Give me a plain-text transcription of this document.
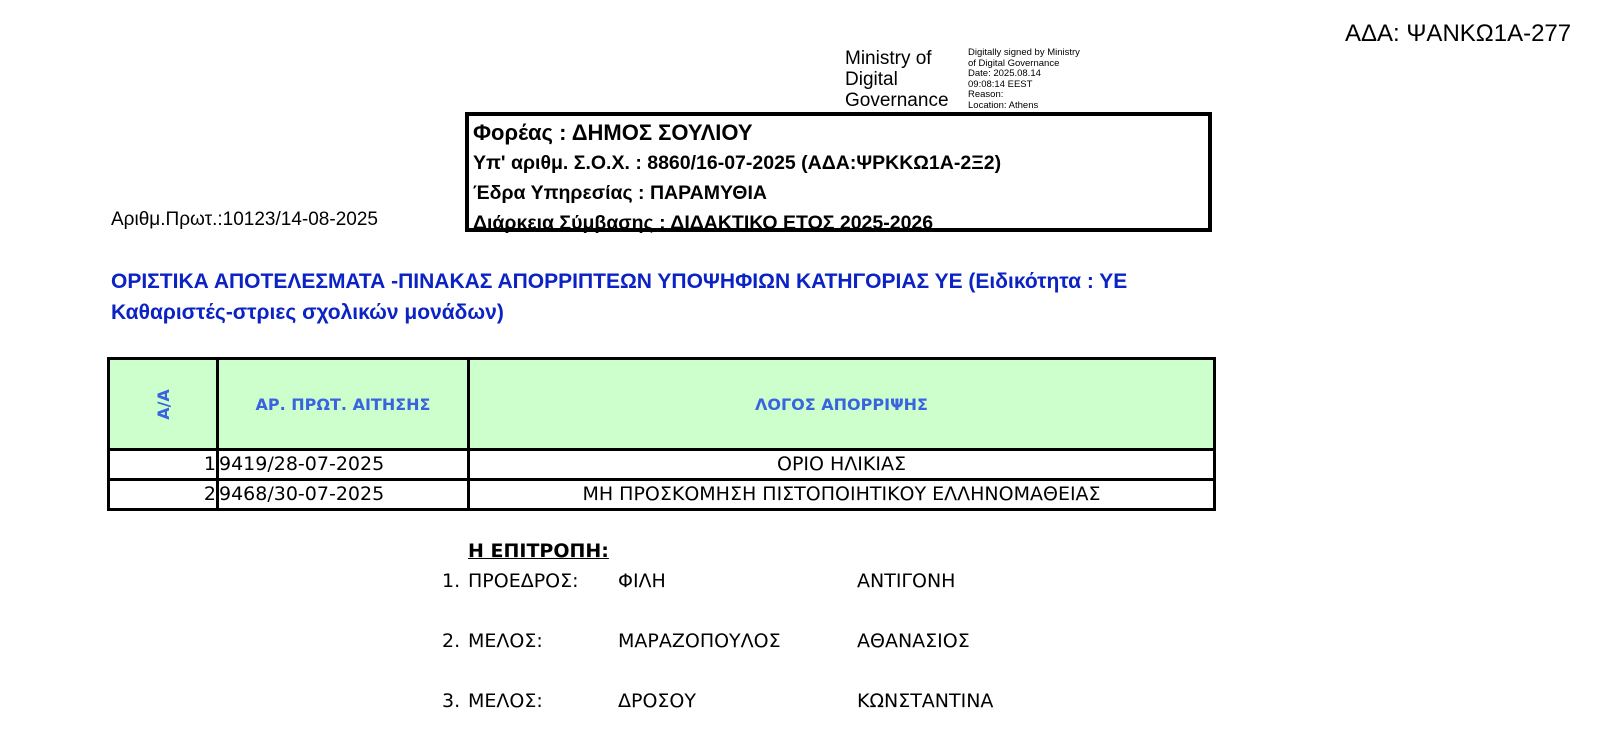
ΑΔΑ: ΨΑΝΚΩ1Α-277
Ministry of
Digital
Governance
Digitally signed by Ministry
of Digital Governance
Date: 2025.08.14
09:08:14 EEST
Reason:
Location: Athens
Αριθμ.Πρωτ.:10123/14-08-2025
Φορέας : ΔΗΜΟΣ ΣΟΥΛΙΟΥ
Υπ' αριθμ. Σ.Ο.Χ. : 8860/16-07-2025 (ΑΔΑ:ΨΡΚΚΩ1Α-2Ξ2)
Έδρα Υπηρεσίας : ΠΑΡΑΜΥΘΙΑ
Διάρκεια Σύμβασης : ΔΙΔΑΚΤΙΚΟ ΕΤΟΣ 2025-2026
ΟΡΙΣΤΙΚΑ ΑΠΟΤΕΛΕΣΜΑΤΑ -ΠΙΝΑΚΑΣ ΑΠΟΡΡΙΠΤΕΩΝ ΥΠΟΨΗΦΙΩΝ ΚΑΤΗΓΟΡΙΑΣ ΥΕ (Ειδικότητα : ΥΕ Καθαριστές-στριες σχολικών μονάδων)
Α/Α	ΑΡ. ΠΡΩΤ. ΑΙΤΗΣΗΣ	ΛΟΓΟΣ ΑΠΟΡΡΙΨΗΣ
1	9419/28-07-2025	ΟΡΙΟ ΗΛΙΚΙΑΣ
2	9468/30-07-2025	ΜΗ ΠΡΟΣΚΟΜΗΣΗ ΠΙΣΤΟΠΟΙΗΤΙΚΟΥ ΕΛΛΗΝΟΜΑΘΕΙΑΣ
Η ΕΠΙΤΡΟΠΗ:
1. ΠΡΟΕΔΡΟΣ: ΦΙΛΗ	ΑΝΤΙΓΟΝΗ
2. ΜΕΛΟΣ:	ΜΑΡΑΖΟΠΟΥΛΟΣ	ΑΘΑΝΑΣΙΟΣ
3. ΜΕΛΟΣ:	ΔΡΟΣΟΥ	ΚΩΝΣΤΑΝΤΙΝΑ
